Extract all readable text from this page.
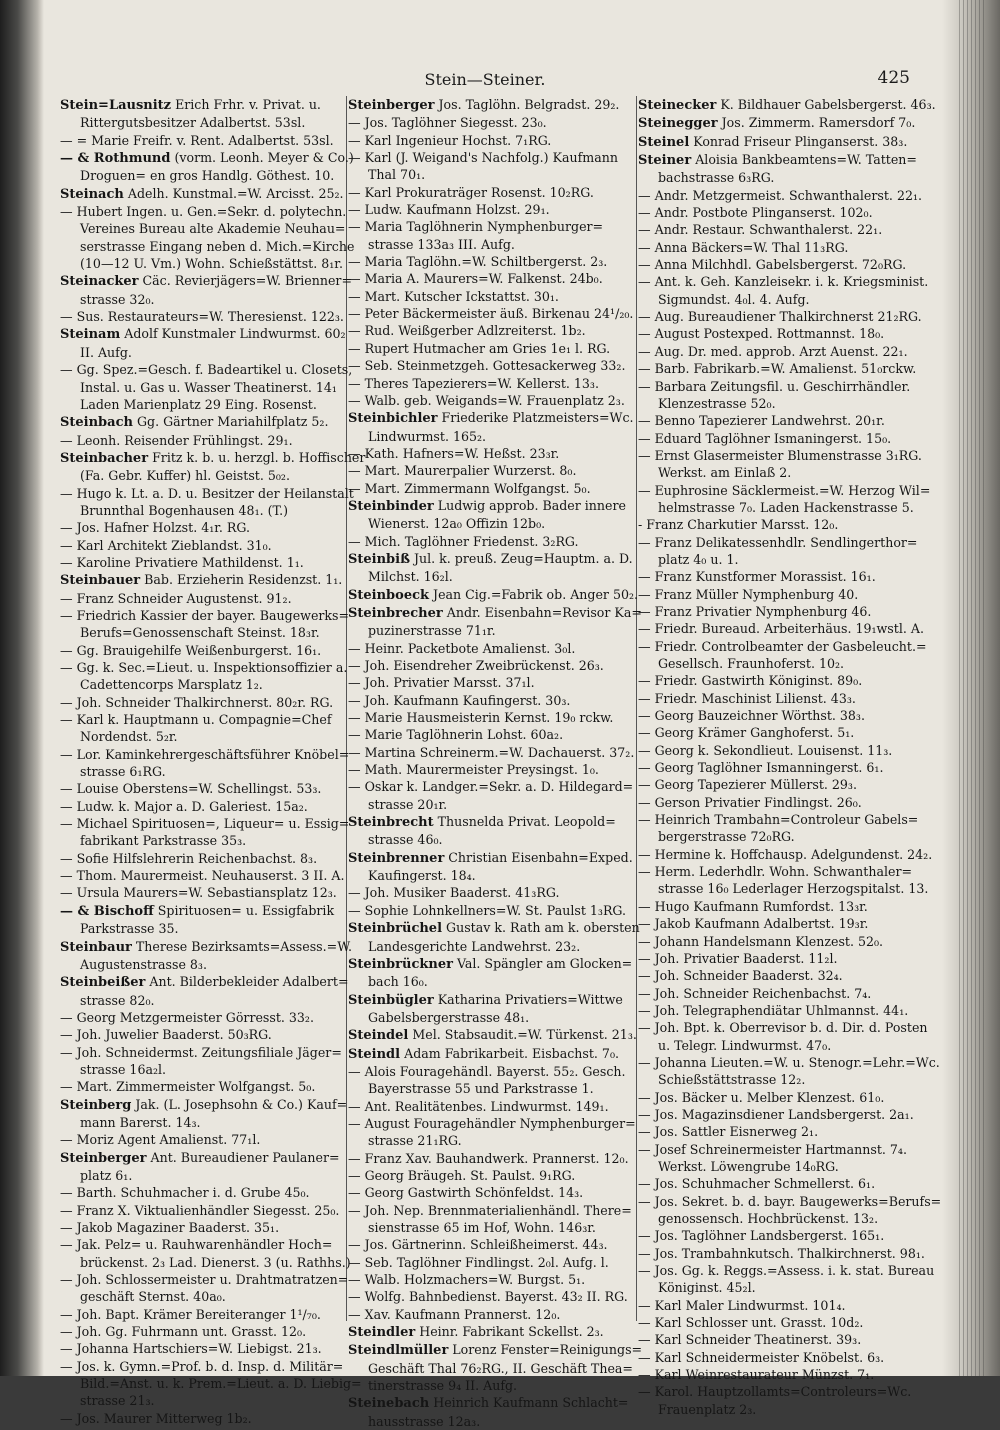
Stein—Steiner.	425
Stein=Lausnitz Erich Frhr. v. Privat. u.
Rittergutsbesitzer Adalbertst. 53sl.
— = Marie Freifr. v. Rent. Adalbertst. 53sl.
— & Rothmund (vorm. Leonh. Meyer & Co.)
Droguen= en gros Handlg. Göthest. 10.
Steinach Adelh. Kunstmal.=W. Arcisst. 25₂.
— Hubert Ingen. u. Gen.=Sekr. d. polytechn.
Vereines Bureau alte Akademie Neuhau=
serstrasse Eingang neben d. Mich.=Kirche
(10—12 U. Vm.) Wohn. Schießstättst. 8₁r.
Steinacker Cäc. Revierjägers=W. Brienner=
strasse 32₀.
— Sus. Restaurateurs=W. Theresienst. 122₃.
Steinam Adolf Kunstmaler Lindwurmst. 60₂
II. Aufg.
— Gg. Spez.=Gesch. f. Badeartikel u. Closets,
Instal. u. Gas u. Wasser Theatinerst. 14₁
Laden Marienplatz 29 Eing. Rosenst.
Steinbach Gg. Gärtner Mariahilfplatz 5₂.
— Leonh. Reisender Frühlingst. 29₁.
Steinbacher Fritz k. b. u. herzgl. b. Hoffischer
(Fa. Gebr. Kuffer) hl. Geistst. 5₀₂.
— Hugo k. Lt. a. D. u. Besitzer der Heilanstalt
Brunnthal Bogenhausen 48₁. (T.)
— Jos. Hafner Holzst. 4₁r. RG.
— Karl Architekt Zieblandst. 31₀.
— Karoline Privatiere Mathildenst. 1₁.
Steinbauer Bab. Erzieherin Residenzst. 1₁.
— Franz Schneider Augustenst. 91₂.
— Friedrich Kassier der bayer. Baugewerks=
Berufs=Genossenschaft Steinst. 18₃r.
— Gg. Brauigehilfe Weißenburgerst. 16₁.
— Gg. k. Sec.=Lieut. u. Inspektionsoffizier a.
Cadettencorps Marsplatz 1₂.
— Joh. Schneider Thalkirchnerst. 80₂r. RG.
— Karl k. Hauptmann u. Compagnie=Chef
Nordendst. 5₂r.
— Lor. Kaminkehrergeschäftsführer Knöbel=
strasse 6₁RG.
— Louise Oberstens=W. Schellingst. 53₃.
— Ludw. k. Major a. D. Galeriest. 15a₂.
— Michael Spirituosen=, Liqueur= u. Essig=
fabrikant Parkstrasse 35₃.
— Sofie Hilfslehrerin Reichenbachst. 8₃.
— Thom. Maurermeist. Neuhauserst. 3 II. A.
— Ursula Maurers=W. Sebastiansplatz 12₃.
— & Bischoff Spirituosen= u. Essigfabrik
Parkstrasse 35.
Steinbaur Therese Bezirksamts=Assess.=W.
Augustenstrasse 8₃.
Steinbeißer Ant. Bilderbekleider Adalbert=
strasse 82₀.
— Georg Metzgermeister Görresst. 33₂.
— Joh. Juwelier Baaderst. 50₃RG.
— Joh. Schneidermst. Zeitungsfiliale Jäger=
strasse 16a₂l.
— Mart. Zimmermeister Wolfgangst. 5₀.
Steinberg Jak. (L. Josephsohn & Co.) Kauf=
mann Barerst. 14₃.
— Moriz Agent Amalienst. 77₁l.
Steinberger Ant. Bureaudiener Paulaner=
platz 6₁.
— Barth. Schuhmacher i. d. Grube 45₀.
— Franz X. Viktualienhändler Siegesst. 25₀.
— Jakob Magaziner Baaderst. 35₁.
— Jak. Pelz= u. Rauhwarenhändler Hoch=
brückenst. 2₃ Lad. Dienerst. 3 (u. Rathhs.)
— Joh. Schlossermeister u. Drahtmatratzen=
geschäft Sternst. 40a₀.
— Joh. Bapt. Krämer Bereiteranger 1¹/₇₀.
— Joh. Gg. Fuhrmann unt. Grasst. 12₀.
— Johanna Hartschiers=W. Liebigst. 21₃.
— Jos. k. Gymn.=Prof. b. d. Insp. d. Militär=
Bild.=Anst. u. k. Prem.=Lieut. a. D. Liebig=
strasse 21₃.
— Jos. Maurer Mitterweg 1b₂.
Steinberger Jos. Taglöhn. Belgradst. 29₂.
— Jos. Taglöhner Siegesst. 23₀.
— Karl Ingenieur Hochst. 7₁RG.
— Karl (J. Weigand's Nachfolg.) Kaufmann
Thal 70₁.
— Karl Prokuraträger Rosenst. 10₂RG.
— Ludw. Kaufmann Holzst. 29₁.
— Maria Taglöhnerin Nymphenburger=
strasse 133a₃ III. Aufg.
— Maria Taglöhn.=W. Schiltbergerst. 2₃.
— Maria A. Maurers=W. Falkenst. 24b₀.
— Mart. Kutscher Ickstattst. 30₁.
— Peter Bäckermeister äuß. Birkenau 24¹/₂₀.
— Rud. Weißgerber Adlzreiterst. 1b₂.
— Rupert Hutmacher am Gries 1e₁ l. RG.
— Seb. Steinmetzgeh. Gottesackerweg 33₂.
— Theres Tapezierers=W. Kellerst. 13₃.
— Walb. geb. Weigands=W. Frauenplatz 2₃.
Steinbichler Friederike Platzmeisters=Wc.
Lindwurmst. 165₂.
— Kath. Hafners=W. Heßst. 23₃r.
— Mart. Maurerpalier Wurzerst. 8₀.
— Mart. Zimmermann Wolfgangst. 5₀.
Steinbinder Ludwig approb. Bader innere
Wienerst. 12a₀ Offizin 12b₀.
— Mich. Taglöhner Friedenst. 3₂RG.
Steinbiß Jul. k. preuß. Zeug=Hauptm. a. D.
Milchst. 16₂l.
Steinboeck Jean Cig.=Fabrik ob. Anger 50₂.
Steinbrecher Andr. Eisenbahn=Revisor Ka=
puzinerstrasse 71₁r.
— Heinr. Packetbote Amalienst. 3₀l.
— Joh. Eisendreher Zweibrückenst. 26₃.
— Joh. Privatier Marsst. 37₁l.
— Joh. Kaufmann Kaufingerst. 30₃.
— Marie Hausmeisterin Kernst. 19₀ rckw.
— Marie Taglöhnerin Lohst. 60a₂.
— Martina Schreinerm.=W. Dachauerst. 37₂.
— Math. Maurermeister Preysingst. 1₀.
— Oskar k. Landger.=Sekr. a. D. Hildegard=
strasse 20₁r.
Steinbrecht Thusnelda Privat. Leopold=
strasse 46₀.
Steinbrenner Christian Eisenbahn=Exped.
Kaufingerst. 18₄.
— Joh. Musiker Baaderst. 41₃RG.
— Sophie Lohnkellners=W. St. Paulst 1₃RG.
Steinbrüchel Gustav k. Rath am k. obersten
Landesgerichte Landwehrst. 23₂.
Steinbrückner Val. Spängler am Glocken=
bach 16₀.
Steinbügler Katharina Privatiers=Wittwe
Gabelsbergerstrasse 48₁.
Steindel Mel. Stabsaudit.=W. Türkenst. 21₃.
Steindl Adam Fabrikarbeit. Eisbachst. 7₀.
— Alois Fouragehändl. Bayerst. 55₂. Gesch.
Bayerstrasse 55 und Parkstrasse 1.
— Ant. Realitätenbes. Lindwurmst. 149₁.
— August Fouragehändler Nymphenburger=
strasse 21₁RG.
— Franz Xav. Bauhandwerk. Prannerst. 12₀.
— Georg Bräugeh. St. Paulst. 9₁RG.
— Georg Gastwirth Schönfeldst. 14₃.
— Joh. Nep. Brennmaterialienhändl. There=
sienstrasse 65 im Hof, Wohn. 146₃r.
— Jos. Gärtnerinn. Schleißheimerst. 44₃.
— Seb. Taglöhner Findlingst. 2₀l. Aufg. l.
— Walb. Holzmachers=W. Burgst. 5₁.
— Wolfg. Bahnbedienst. Bayerst. 43₂ II. RG.
— Xav. Kaufmann Prannerst. 12₀.
Steindler Heinr. Fabrikant Sckellst. 2₃.
Steindlmüller Lorenz Fenster=Reinigungs=
Geschäft Thal 76₂RG., II. Geschäft Thea=
tinerstrasse 9₄ II. Aufg.
Steinebach Heinrich Kaufmann Schlacht=
hausstrasse 12a₃.
Steinecker K. Bildhauer Gabelsbergerst. 46₃.
Steinegger Jos. Zimmerm. Ramersdorf 7₀.
Steinel Konrad Friseur Plinganserst. 38₃.
Steiner Aloisia Bankbeamtens=W. Tatten=
bachstrasse 6₃RG.
— Andr. Metzgermeist. Schwanthalerst. 22₁.
— Andr. Postbote Plinganserst. 102₀.
— Andr. Restaur. Schwanthalerst. 22₁.
— Anna Bäckers=W. Thal 11₃RG.
— Anna Milchhdl. Gabelsbergerst. 72₀RG.
— Ant. k. Geh. Kanzleisekr. i. k. Kriegsminist.
Sigmundst. 4₀l. 4. Aufg.
— Aug. Bureaudiener Thalkirchnerst 21₂RG.
— August Postexped. Rottmannst. 18₀.
— Aug. Dr. med. approb. Arzt Auenst. 22₁.
— Barb. Fabrikarb.=W. Amalienst. 51₀rckw.
— Barbara Zeitungsfil. u. Geschirrhändler.
Klenzestrasse 52₀.
— Benno Tapezierer Landwehrst. 20₁r.
— Eduard Taglöhner Ismaningerst. 15₀.
— Ernst Glasermeister Blumenstrasse 3₁RG.
Werkst. am Einlaß 2.
— Euphrosine Säcklermeist.=W. Herzog Wil=
helmstrasse 7₀. Laden Hackenstrasse 5.
- Franz Charkutier Marsst. 12₀.
— Franz Delikatessenhdlr. Sendlingerthor=
platz 4₀ u. 1.
— Franz Kunstformer Morassist. 16₁.
— Franz Müller Nymphenburg 40.
— Franz Privatier Nymphenburg 46.
— Friedr. Bureaud. Arbeiterhäus. 19₁wstl. A.
— Friedr. Controlbeamter der Gasbeleucht.=
Gesellsch. Fraunhoferst. 10₂.
— Friedr. Gastwirth Königinst. 89₀.
— Friedr. Maschinist Lilienst. 43₃.
— Georg Bauzeichner Wörthst. 38₃.
— Georg Krämer Ganghoferst. 5₁.
— Georg k. Sekondlieut. Louisenst. 11₃.
— Georg Taglöhner Ismanningerst. 6₁.
— Georg Tapezierer Müllerst. 29₃.
— Gerson Privatier Findlingst. 26₀.
— Heinrich Trambahn=Controleur Gabels=
bergerstrasse 72₀RG.
— Hermine k. Hoffchausp. Adelgundenst. 24₂.
— Herm. Lederhdlr. Wohn. Schwanthaler=
strasse 16₀ Lederlager Herzogspitalst. 13.
— Hugo Kaufmann Rumfordst. 13₃r.
— Jakob Kaufmann Adalbertst. 19₃r.
— Johann Handelsmann Klenzest. 52₀.
— Joh. Privatier Baaderst. 11₂l.
— Joh. Schneider Baaderst. 32₄.
— Joh. Schneider Reichenbachst. 7₄.
— Joh. Telegraphendiätar Uhlmannst. 44₁.
— Joh. Bpt. k. Oberrevisor b. d. Dir. d. Posten
u. Telegr. Lindwurmst. 47₀.
— Johanna Lieuten.=W. u. Stenogr.=Lehr.=Wc.
Schießstättstrasse 12₂.
— Jos. Bäcker u. Melber Klenzest. 61₀.
— Jos. Magazinsdiener Landsbergerst. 2a₁.
— Jos. Sattler Eisnerweg 2₁.
— Josef Schreinermeister Hartmannst. 7₄.
Werkst. Löwengrube 14₀RG.
— Jos. Schuhmacher Schmellerst. 6₁.
— Jos. Sekret. b. d. bayr. Baugewerks=Berufs=
genossensch. Hochbrückenst. 13₂.
— Jos. Taglöhner Landsbergerst. 165₁.
— Jos. Trambahnkutsch. Thalkirchnerst. 98₁.
— Jos. Gg. k. Reggs.=Assess. i. k. stat. Bureau
Königinst. 45₂l.
— Karl Maler Lindwurmst. 101₄.
— Karl Schlosser unt. Grasst. 10d₂.
— Karl Schneider Theatinerst. 39₃.
— Karl Schneidermeister Knöbelst. 6₃.
— Karl Weinrestaurateur Münzst. 7₁.
— Karol. Hauptzollamts=Controleurs=Wc.
Frauenplatz 2₃.
